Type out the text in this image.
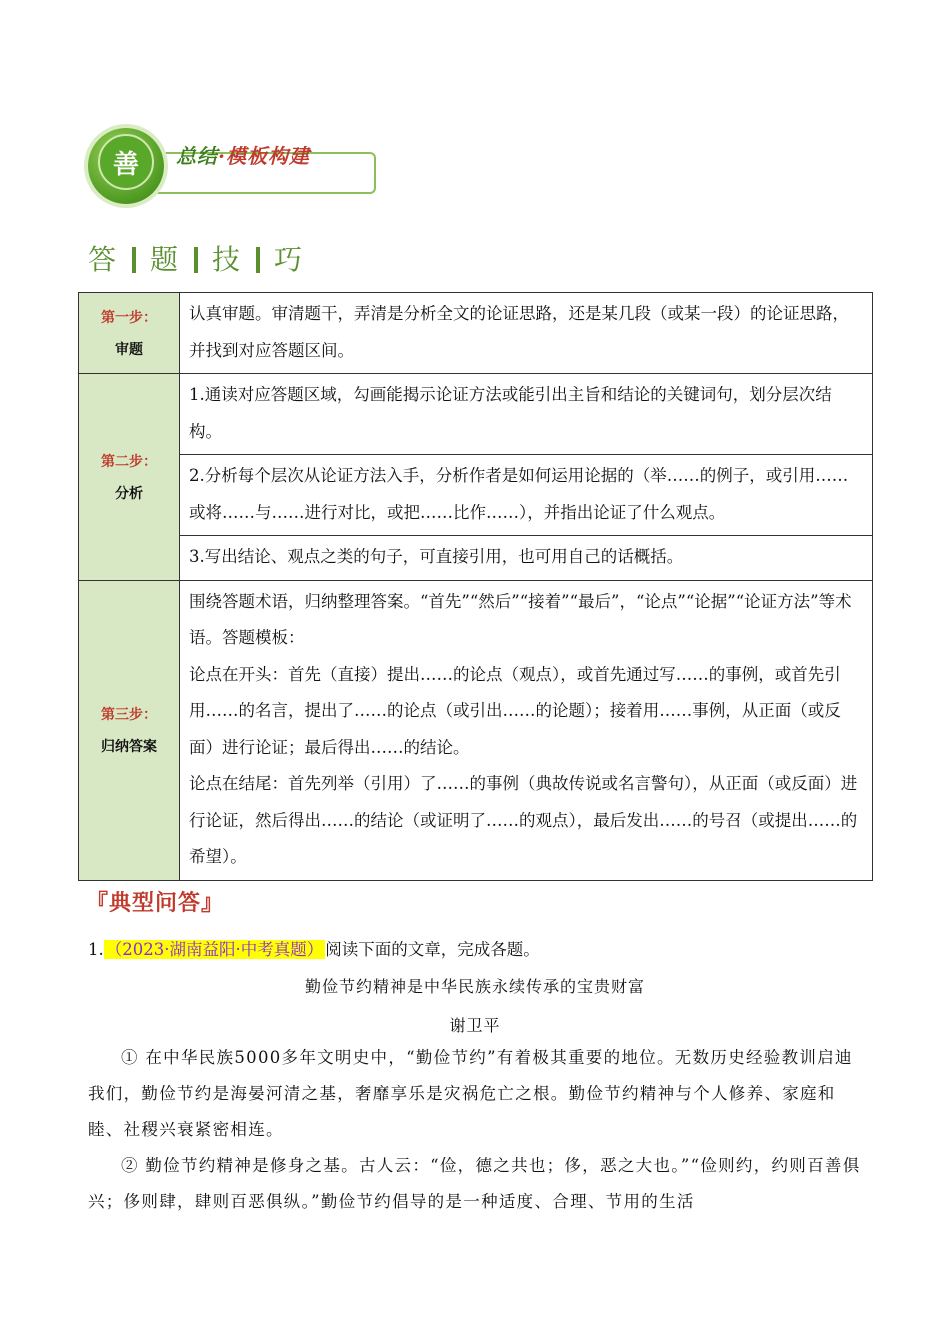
善	总结·模板构建
答 题 技 巧
第一步：
审题	认真审题。审清题干，弄清是分析全文的论证思路，还是某几段（或某一段）的论证思路，并找到对应答题区间。

第二步：
分析	1.通读对应答题区域，勾画能揭示论证方法或能引出主旨和结论的关键词句，划分层次结构。
	2.分析每个层次从论证方法入手，分析作者是如何运用论据的（举……的例子，或引用……或将……与……进行对比，或把……比作……），并指出论证了什么观点。
	3.写出结论、观点之类的句子，可直接引用，也可用自己的话概括。

第三步：
归纳答案	围绕答题术语，归纳整理答案。“首先”“然后”“接着”“最后”，“论点”“论据”“论证方法”等术语。答题模板：
论点在开头：首先（直接）提出……的论点（观点），或首先通过写……的事例，或首先引用……的名言，提出了……的论点（或引出……的论题）；接着用……事例，从正面（或反面）进行论证；最后得出……的结论。
论点在结尾：首先列举（引用）了……的事例（典故传说或名言警句），从正面（或反面）进行论证，然后得出……的结论（或证明了……的观点），最后发出……的号召（或提出……的希望）。
『典型问答』
1. （2023·湖南益阳·中考真题） 阅读下面的文章，完成各题。
勤俭节约精神是中华民族永续传承的宝贵财富
谢卫平

① 在中华民族5000多年文明史中，“勤俭节约”有着极其重要的地位。无数历史经验教训启迪我们，勤俭节约是海晏河清之基，奢靡享乐是灾祸危亡之根。勤俭节约精神与个人修养、家庭和睦、社稷兴衰紧密相连。

② 勤俭节约精神是修身之基。古人云：“俭，德之共也；侈，恶之大也。”“俭则约，约则百善俱兴；侈则肆，肆则百恶俱纵。”勤俭节约倡导的是一种适度、合理、节用的生活
